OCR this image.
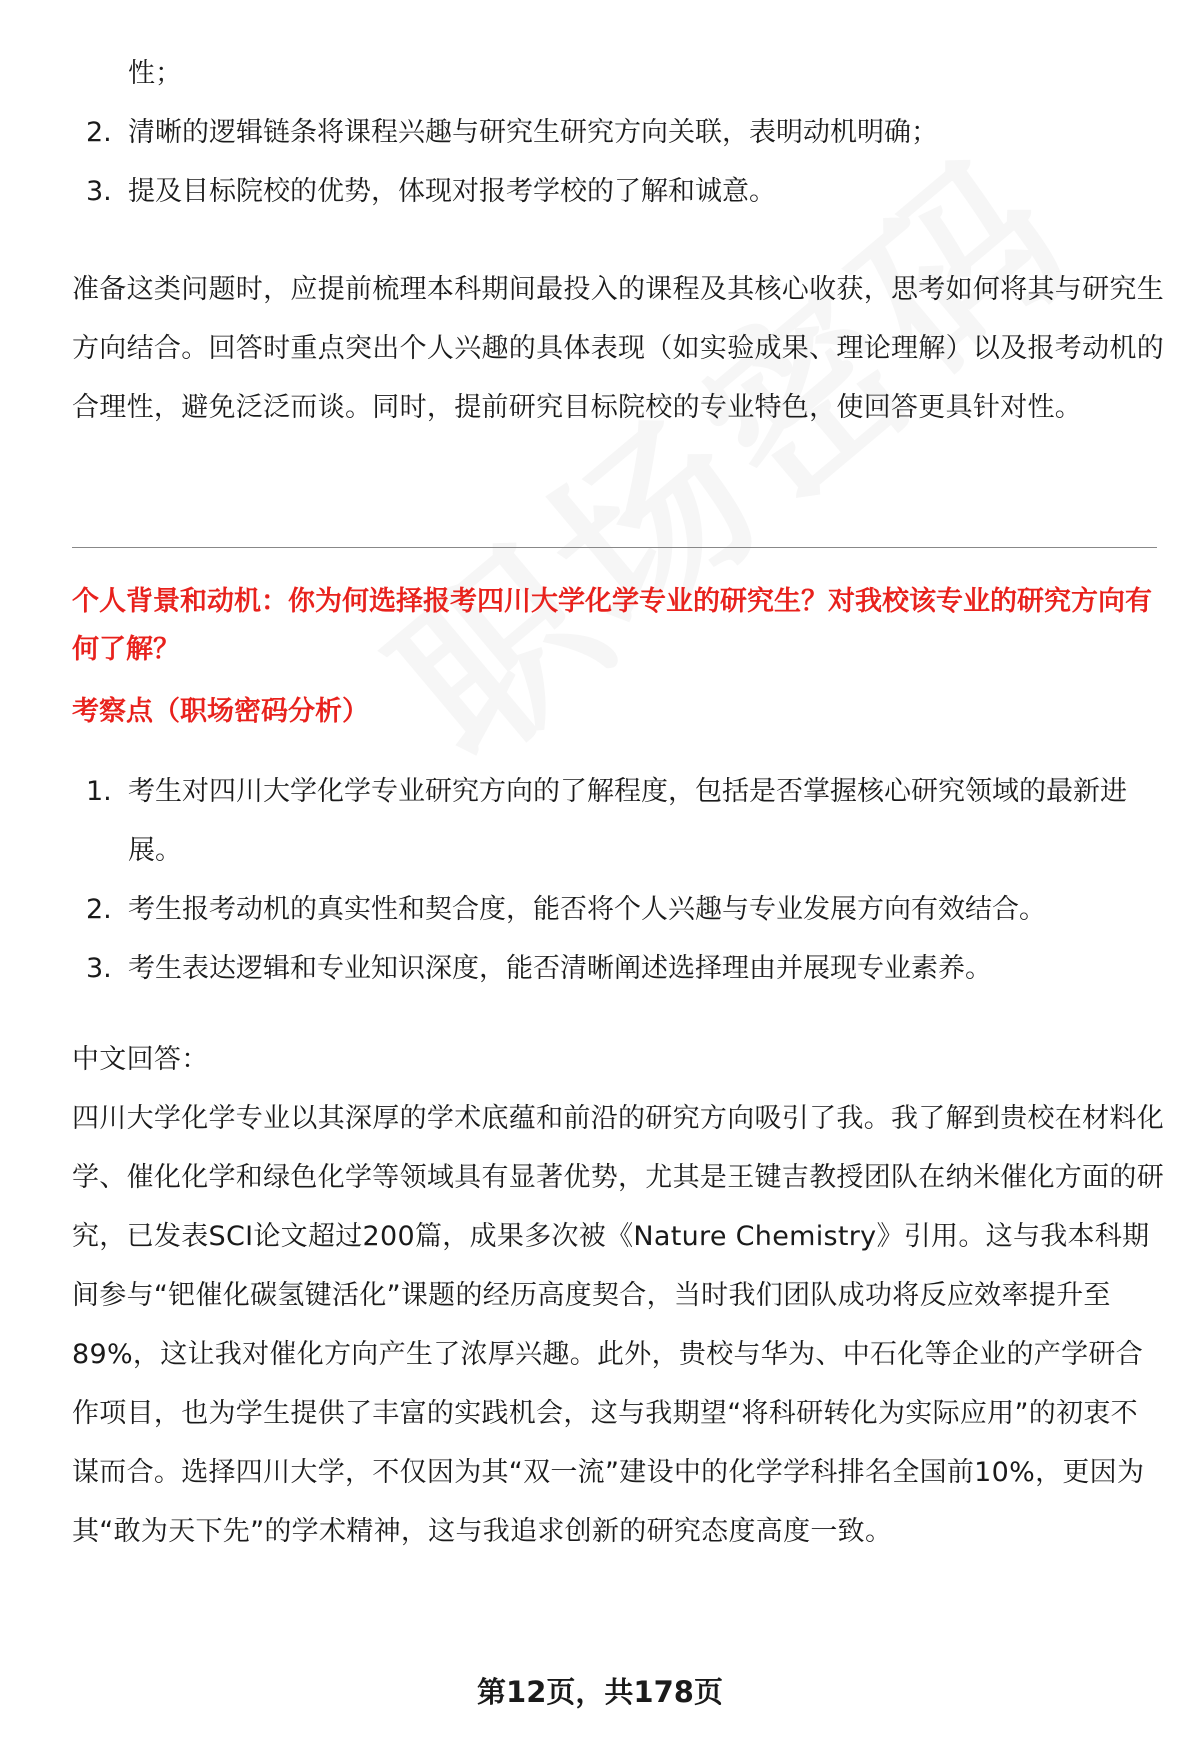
性；
2. 清晰的逻辑链条将课程兴趣与研究生研究方向关联，表明动机明确；
3. 提及目标院校的优势，体现对报考学校的了解和诚意。
准备这类问题时，应提前梳理本科期间最投入的课程及其核心收获，思考如何将其与研究生方向结合。回答时重点突出个人兴趣的具体表现（如实验成果、理论理解）以及报考动机的合理性，避免泛泛而谈。同时，提前研究目标院校的专业特色，使回答更具针对性。
个人背景和动机：你为何选择报考四川大学化学专业的研究生？对我校该专业的研究方向有何了解？
考察点（职场密码分析）
1. 考生对四川大学化学专业研究方向的了解程度，包括是否掌握核心研究领域的最新进展。
2. 考生报考动机的真实性和契合度，能否将个人兴趣与专业发展方向有效结合。
3. 考生表达逻辑和专业知识深度，能否清晰阐述选择理由并展现专业素养。
中文回答：
四川大学化学专业以其深厚的学术底蕴和前沿的研究方向吸引了我。我了解到贵校在材料化学、催化化学和绿色化学等领域具有显著优势，尤其是王键吉教授团队在纳米催化方面的研究，已发表SCI论文超过200篇，成果多次被《Nature Chemistry》引用。这与我本科期间参与“钯催化碳氢键活化”课题的经历高度契合，当时我们团队成功将反应效率提升至89%，这让我对催化方向产生了浓厚兴趣。此外，贵校与华为、中石化等企业的产学研合作项目，也为学生提供了丰富的实践机会，这与我期望“将科研转化为实际应用”的初衷不谋而合。选择四川大学，不仅因为其“双一流”建设中的化学学科排名全国前10%，更因为其“敢为天下先”的学术精神，这与我追求创新的研究态度高度一致。
第12页，共178页
